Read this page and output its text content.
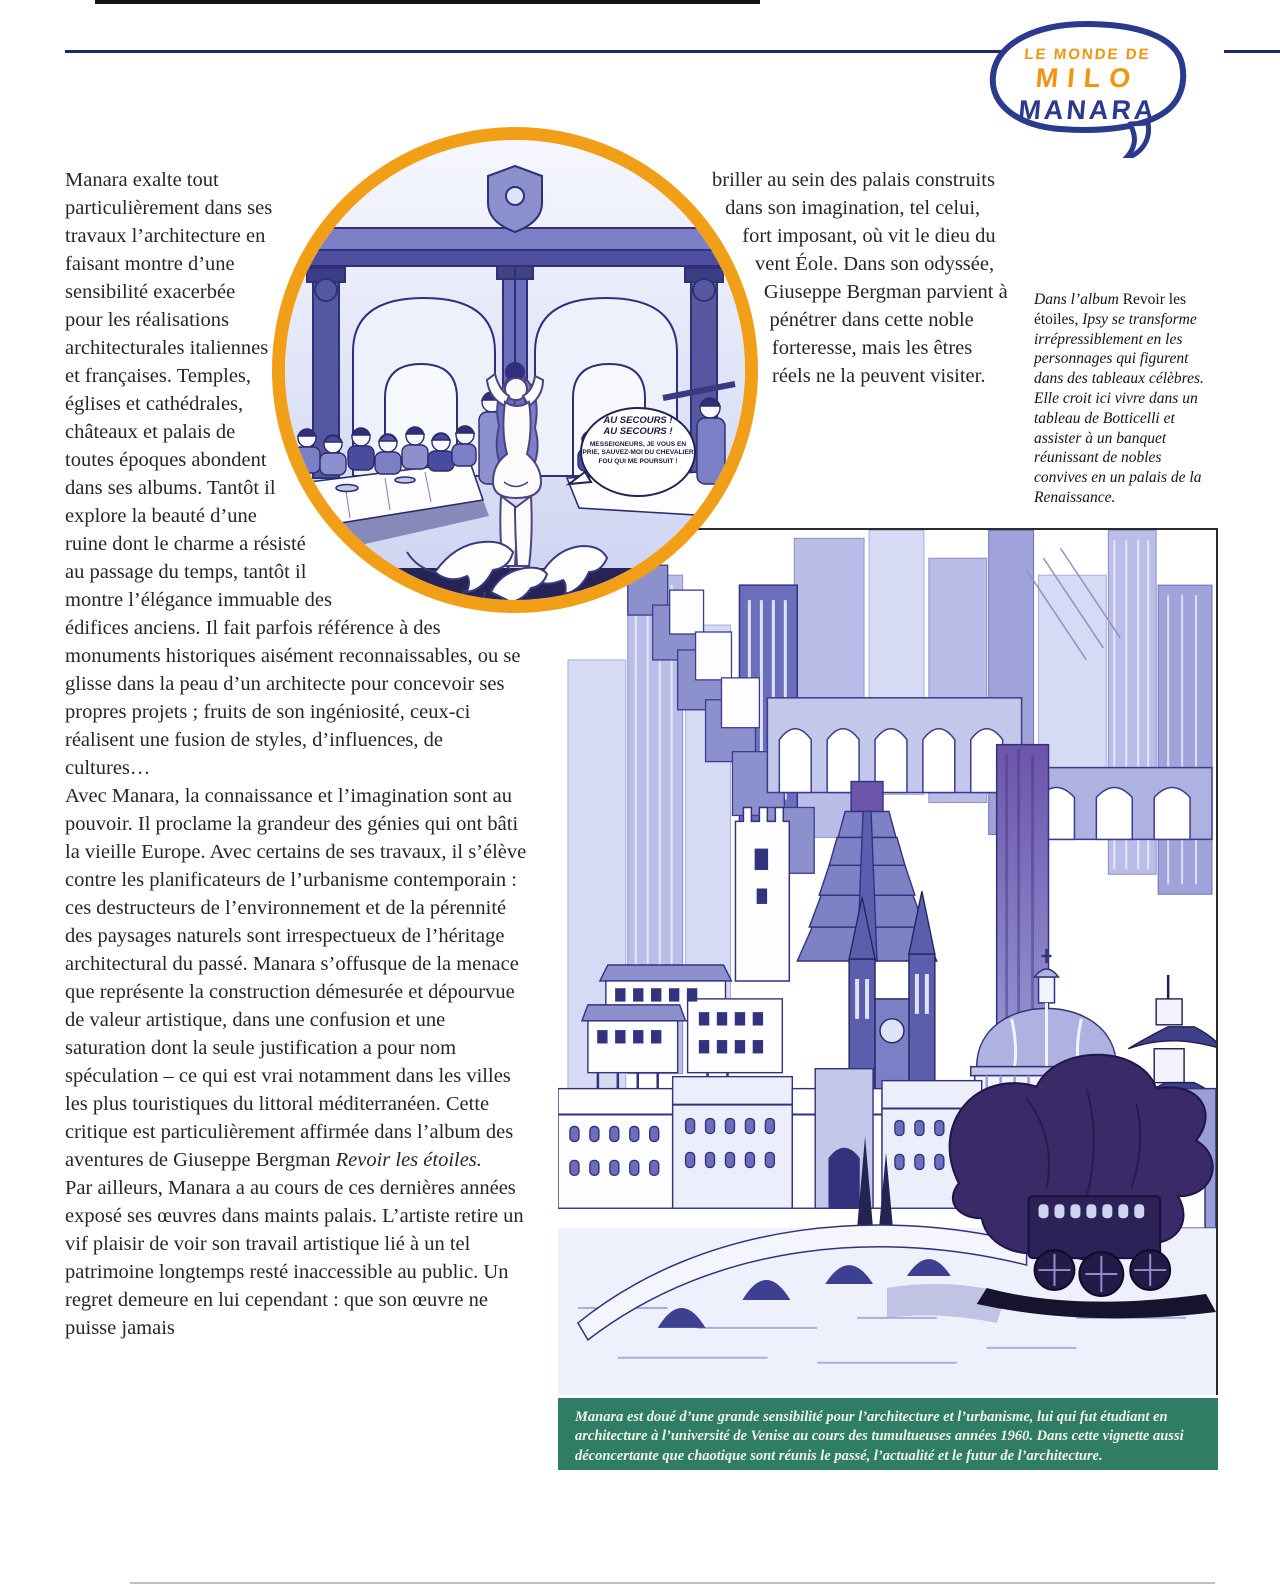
LE MONDE DE
MILO
MANARA
AU SECOURS !
AU SECOURS !
MESSEIGNEURS, JE VOUS EN PRIE, SAUVEZ-MOI DU CHEVALIER FOU QUI ME POURSUIT !

Manara exalte tout particulièrement dans ses travaux l’architecture en faisant montre d’une sensibilité exacerbée pour les réalisations architecturales italiennes et françaises. Temples, églises et cathédrales, châteaux et palais de toutes époques abondent dans ses albums. Tantôt il explore la beauté d’une ruine dont le charme a résisté au passage du temps, tantôt il montre l’élégance immuable des édifices anciens. Il fait parfois référence à des monuments historiques aisément reconnaissables, ou se glisse dans la peau d’un architecte pour concevoir ses propres projets ; fruits de son ingéniosité, ceux-ci réalisent une fusion de styles, d’influences, de cultures…

Avec Manara, la connaissance et l’imagination sont au pouvoir. Il proclame la grandeur des génies qui ont bâti la vieille Europe. Avec certains de ses travaux, il s’élève contre les planificateurs de l’urbanisme contemporain : ces destructeurs de l’environnement et de la pérennité des paysages naturels sont irrespectueux de l’héritage architectural du passé. Manara s’offusque de la menace que représente la construction démesurée et dépourvue de valeur artistique, dans une confusion et une saturation dont la seule justification a pour nom spéculation – ce qui est vrai notamment dans les villes les plus touristiques du littoral méditerranéen. Cette critique est particulièrement affirmée dans l’album des aventures de Giuseppe Bergman Revoir les étoiles.

Par ailleurs, Manara a au cours de ces dernières années exposé ses œuvres dans maints palais. L’artiste retire un vif plaisir de voir son travail artistique lié à un tel patrimoine longtemps resté inaccessible au public. Un regret demeure en lui cependant : que son œuvre ne puisse jamais

briller au sein des palais construits dans son imagination, tel celui, fort imposant, où vit le dieu du vent Éole. Dans son odyssée, Giuseppe Bergman parvient à pénétrer dans cette noble forteresse, mais les êtres réels ne la peuvent visiter.

Dans l’album Revoir les étoiles, Ipsy se transforme irrépressiblement en les personnages qui figurent dans des tableaux célèbres. Elle croit ici vivre dans un tableau de Botticelli et assister à un banquet réunissant de nobles convives en un palais de la Renaissance.
Manara est doué d’une grande sensibilité pour l’architecture et l’urbanisme, lui qui fut étudiant en architecture à l’université de Venise au cours des tumultueuses années 1960. Dans cette vignette aussi déconcertante que chaotique sont réunis le passé, l’actualité et le futur de l’architecture.
